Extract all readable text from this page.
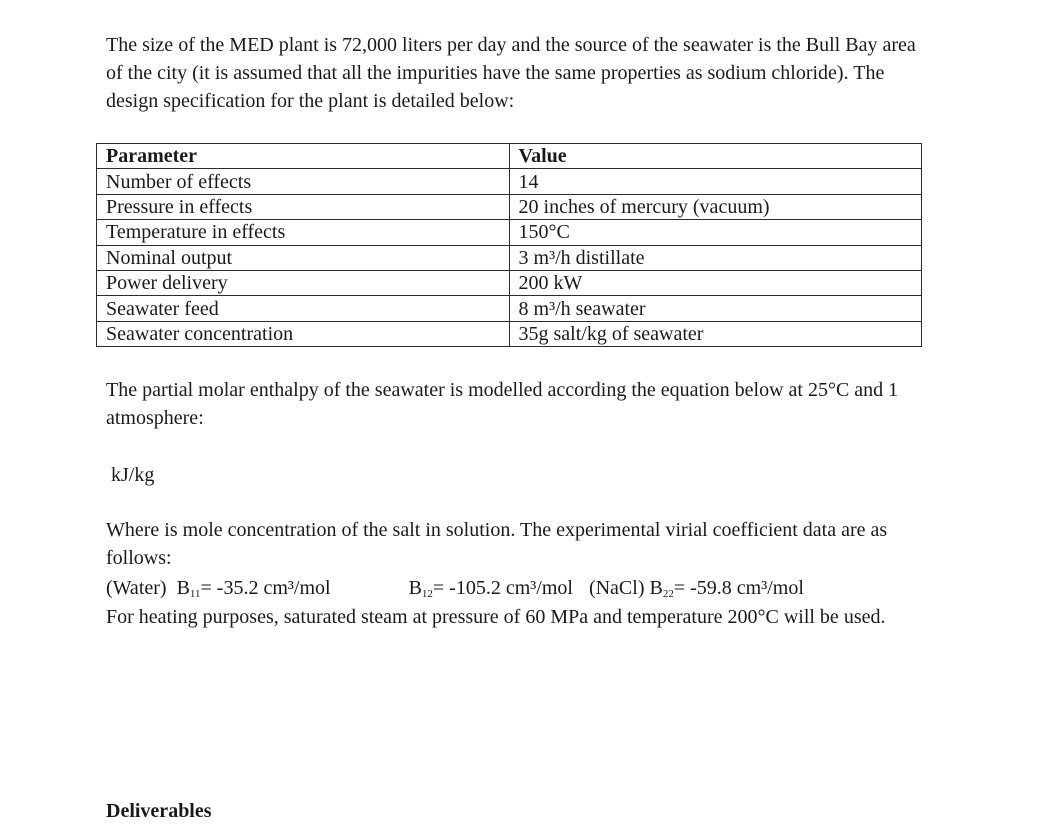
The size of the MED plant is 72,000 liters per day and the source of the seawater is the Bull Bay area of the city (it is assumed that all the impurities have the same properties as sodium chloride). The design specification for the plant is detailed below:

Parameter	Value
Number of effects	14
Pressure in effects	20 inches of mercury (vacuum)
Temperature in effects	150°C
Nominal output	3 m³/h distillate
Power delivery	200 kW
Seawater feed	8 m³/h seawater
Seawater concentration	35g salt/kg of seawater

The partial molar enthalpy of the seawater is modelled according the equation below at 25°C and 1 atmosphere:

kJ/kg

Where is mole concentration of the salt in solution. The experimental virial coefficient data are as follows:

(Water) $B_{11}= -35.2$ cm³/mol	$B_{12}= -105.2$ cm³/mol (NaCl) $B_{22}= -59.8$ cm³/mol

For heating purposes, saturated steam at pressure of 60 MPa and temperature 200°C will be used.

Deliverables
